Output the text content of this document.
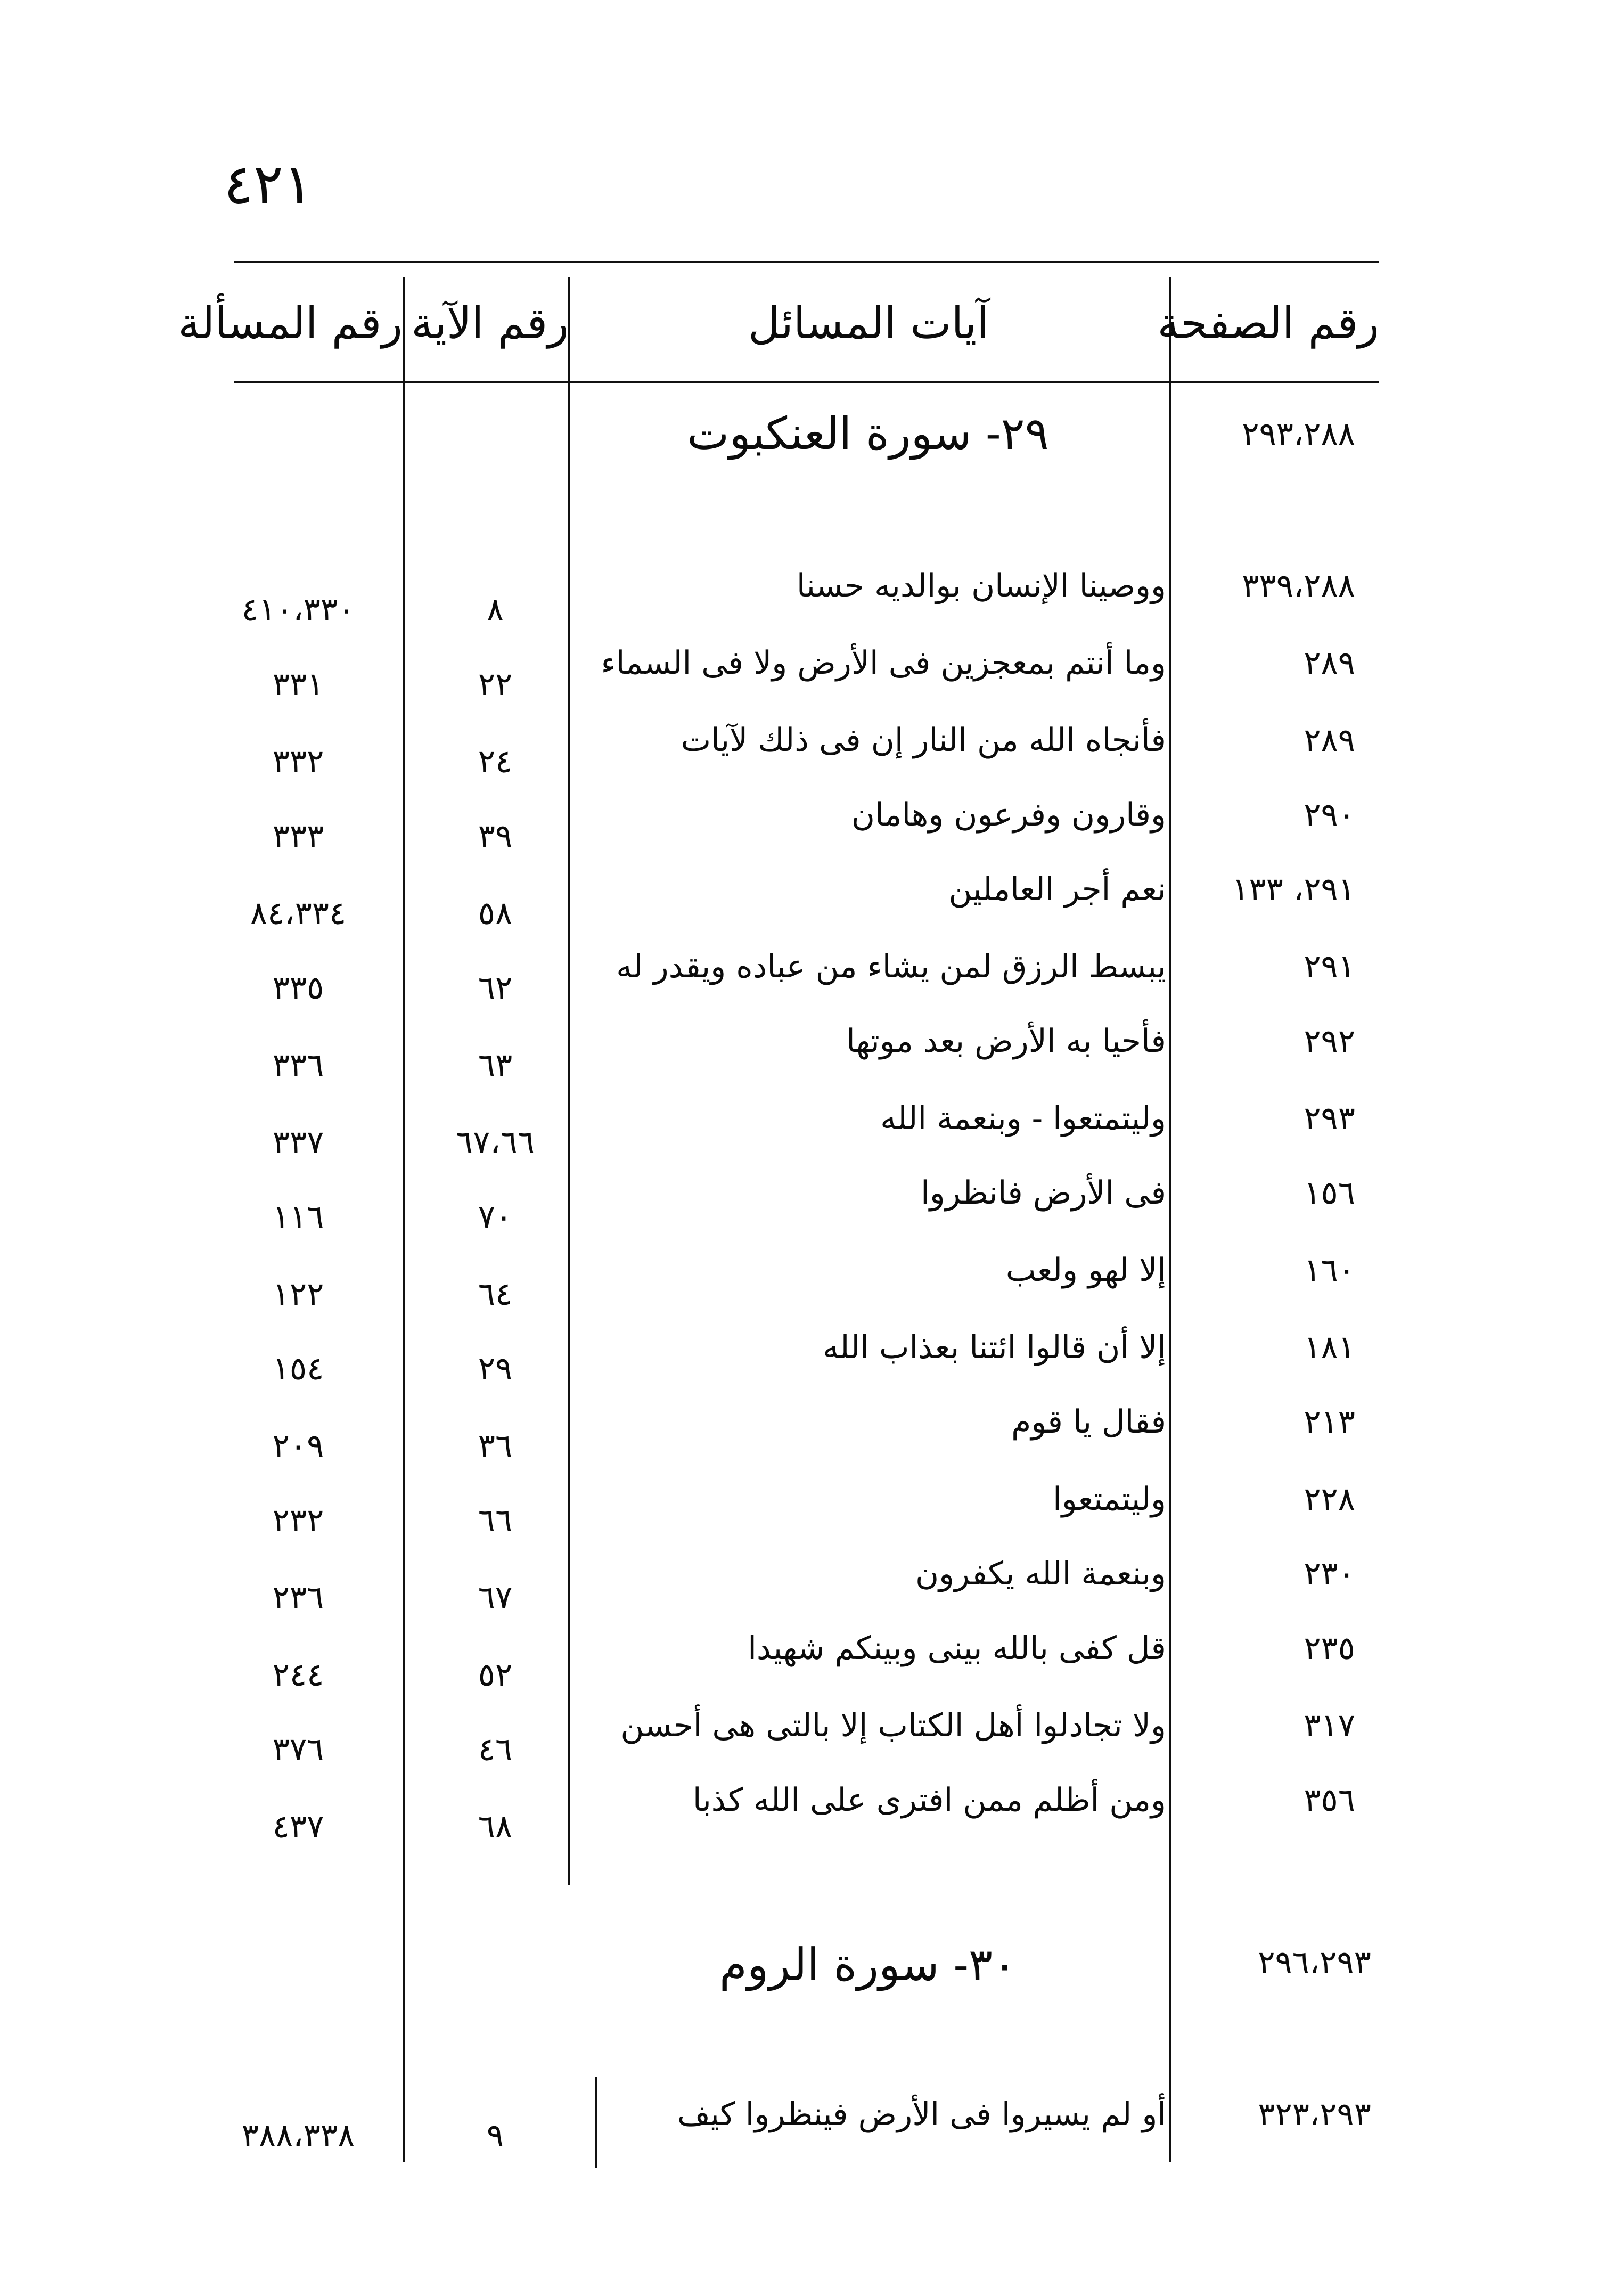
٤٢١
رقم الصفحة
آيات المسائل
رقم الآية
رقم المسألة
٢٩٣،٢٨٨
٢٩- سورة العنكبوت
٣٣٩،٢٨٨
ووصينا الإنسان بوالديه حسنا
٨
٤١٠،٣٣٠
٢٨٩
وما أنتم بمعجزين فى الأرض ولا فى السماء
٢٢
٣٣١
٢٨٩
فأنجاه الله من النار إن فى ذلك لآيات
٢٤
٣٣٢
٢٩٠
وقارون وفرعون وهامان
٣٩
٣٣٣
٢٩١، ١٣٣
نعم أجر العاملين
٥٨
٨٤،٣٣٤
٢٩١
يبسط الرزق لمن يشاء من عباده ويقدر له
٦٢
٣٣٥
٢٩٢
فأحيا به الأرض بعد موتها
٦٣
٣٣٦
٢٩٣
وليتمتعوا - وبنعمة الله
٦٧،٦٦
٣٣٧
١٥٦
فى الأرض فانظروا
٧٠
١١٦
١٦٠
إلا لهو ولعب
٦٤
١٢٢
١٨١
إلا أن قالوا ائتنا بعذاب الله
٢٩
١٥٤
٢١٣
فقال يا قوم
٣٦
٢٠٩
٢٢٨
وليتمتعوا
٦٦
٢٣٢
٢٣٠
وبنعمة الله يكفرون
٦٧
٢٣٦
٢٣٥
قل كفى بالله بينى وبينكم شهيدا
٥٢
٢٤٤
٣١٧
ولا تجادلوا أهل الكتاب إلا بالتى هى أحسن
٤٦
٣٧٦
٣٥٦
ومن أظلم ممن افترى على الله كذبا
٦٨
٤٣٧
٢٩٦،٢٩٣
٣٠- سورة الروم
٣٢٣،٢٩٣
أو لم يسيروا فى الأرض فينظروا كيف
٩
٣٨٨،٣٣٨
